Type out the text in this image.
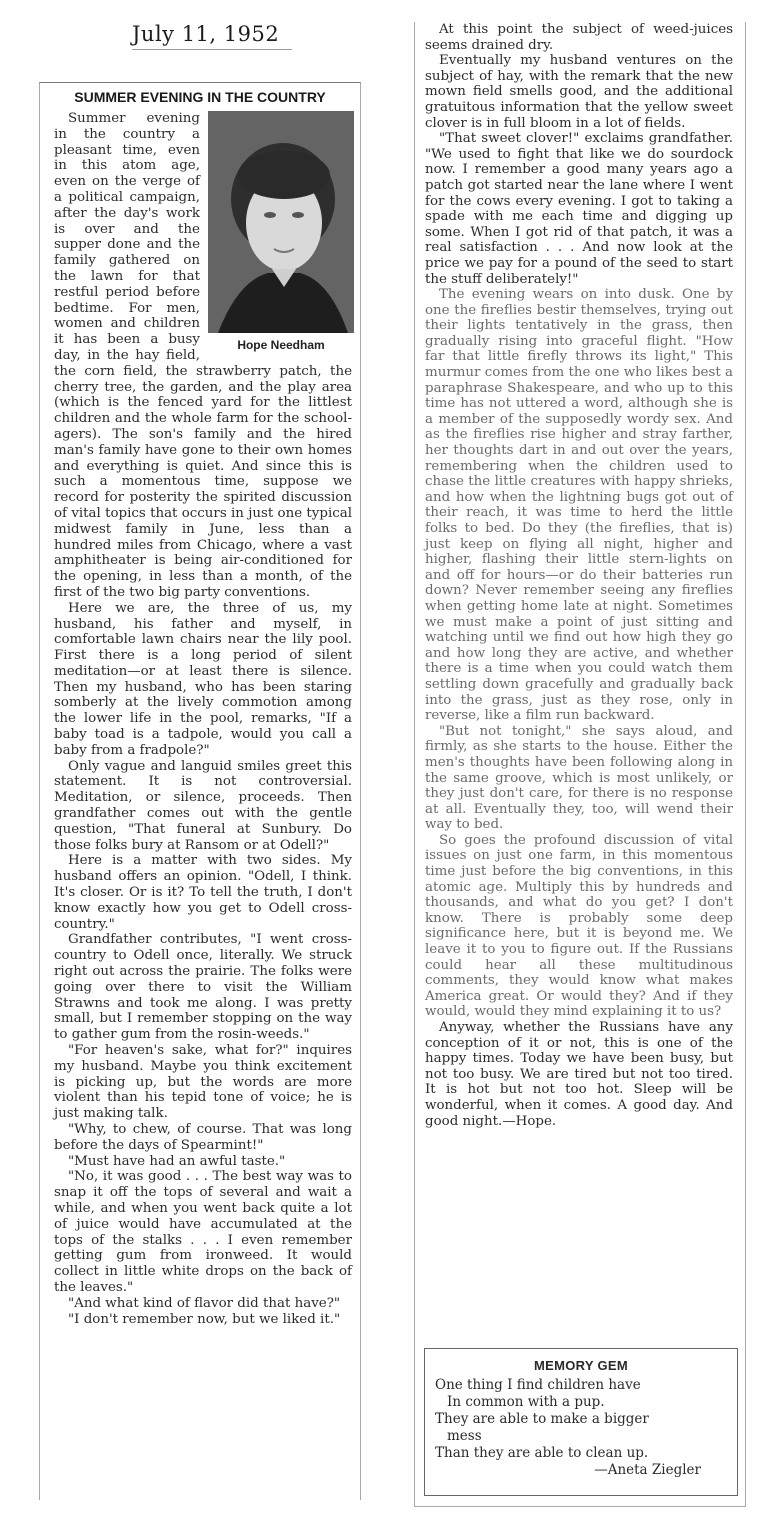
July 11, 1952
SUMMER EVENING IN THE COUNTRY
Hope Needham

Summer evening in the country a pleasant time, even in this atom age, even on the verge of a political campaign, after the day's work is over and the supper done and the family gathered on the lawn for that restful period before bedtime. For men, women and children it has been a busy day, in the hay field, the corn field, the strawberry patch, the cherry tree, the garden, and the play area (which is the fenced yard for the littlest children and the whole farm for the school-agers). The son's family and the hired man's family have gone to their own homes and everything is quiet. And since this is such a momentous time, suppose we record for posterity the spirited discussion of vital topics that occurs in just one typical midwest family in June, less than a hundred miles from Chicago, where a vast amphitheater is being air-conditioned for the opening, in less than a month, of the first of the two big party conventions.

Here we are, the three of us, my husband, his father and myself, in comfortable lawn chairs near the lily pool. First there is a long period of silent meditation—or at least there is silence. Then my husband, who has been staring somberly at the lively commotion among the lower life in the pool, remarks, "If a baby toad is a tadpole, would you call a baby from a fradpole?"

Only vague and languid smiles greet this statement. It is not controversial. Meditation, or silence, proceeds. Then grandfather comes out with the gentle question, "That funeral at Sunbury. Do those folks bury at Ransom or at Odell?"

Here is a matter with two sides. My husband offers an opinion. "Odell, I think. It's closer. Or is it? To tell the truth, I don't know exactly how you get to Odell cross-country."

Grandfather contributes, "I went cross-country to Odell once, literally. We struck right out across the prairie. The folks were going over there to visit the William Strawns and took me along. I was pretty small, but I remember stopping on the way to gather gum from the rosin-weeds."

"For heaven's sake, what for?" inquires my husband. Maybe you think excitement is picking up, but the words are more violent than his tepid tone of voice; he is just making talk.

"Why, to chew, of course. That was long before the days of Spearmint!"

"Must have had an awful taste."

"No, it was good . . . The best way was to snap it off the tops of several and wait a while, and when you went back quite a lot of juice would have accumulated at the tops of the stalks . . . I even remember getting gum from ironweed. It would collect in little white drops on the back of the leaves."

"And what kind of flavor did that have?"

"I don't remember now, but we liked it."

At this point the subject of weed-juices seems drained dry.

Eventually my husband ventures on the subject of hay, with the remark that the new mown field smells good, and the additional gratuitous information that the yellow sweet clover is in full bloom in a lot of fields.

"That sweet clover!" exclaims grandfather. "We used to fight that like we do sourdock now. I remember a good many years ago a patch got started near the lane where I went for the cows every evening. I got to taking a spade with me each time and digging up some. When I got rid of that patch, it was a real satisfaction . . . And now look at the price we pay for a pound of the seed to start the stuff deliberately!"

The evening wears on into dusk. One by one the fireflies bestir themselves, trying out their lights tentatively in the grass, then gradually rising into graceful flight. "How far that little firefly throws its light," This murmur comes from the one who likes best a paraphrase Shakespeare, and who up to this time has not uttered a word, although she is a member of the supposedly wordy sex. And as the fireflies rise higher and stray farther, her thoughts dart in and out over the years, remembering when the children used to chase the little creatures with happy shrieks, and how when the lightning bugs got out of their reach, it was time to herd the little folks to bed. Do they (the fireflies, that is) just keep on flying all night, higher and higher, flashing their little stern-lights on and off for hours—or do their batteries run down? Never remember seeing any fireflies when getting home late at night. Sometimes we must make a point of just sitting and watching until we find out how high they go and how long they are active, and whether there is a time when you could watch them settling down gracefully and gradually back into the grass, just as they rose, only in reverse, like a film run backward.

"But not tonight," she says aloud, and firmly, as she starts to the house. Either the men's thoughts have been following along in the same groove, which is most unlikely, or they just don't care, for there is no response at all. Eventually they, too, will wend their way to bed.

So goes the profound discussion of vital issues on just one farm, in this momentous time just before the big conventions, in this atomic age. Multiply this by hundreds and thousands, and what do you get? I don't know. There is probably some deep significance here, but it is beyond me. We leave it to you to figure out. If the Russians could hear all these multitudinous comments, they would know what makes America great. Or would they? And if they would, would they mind explaining it to us?

Anyway, whether the Russians have any conception of it or not, this is one of the happy times. Today we have been busy, but not too busy. We are tired but not too tired. It is hot but not too hot. Sleep will be wonderful, when it comes. A good day. And good night.—Hope.

MEMORY GEM

One thing I find children have

In common with a pup.

They are able to make a bigger

mess

Than they are able to clean up.

—Aneta Ziegler
